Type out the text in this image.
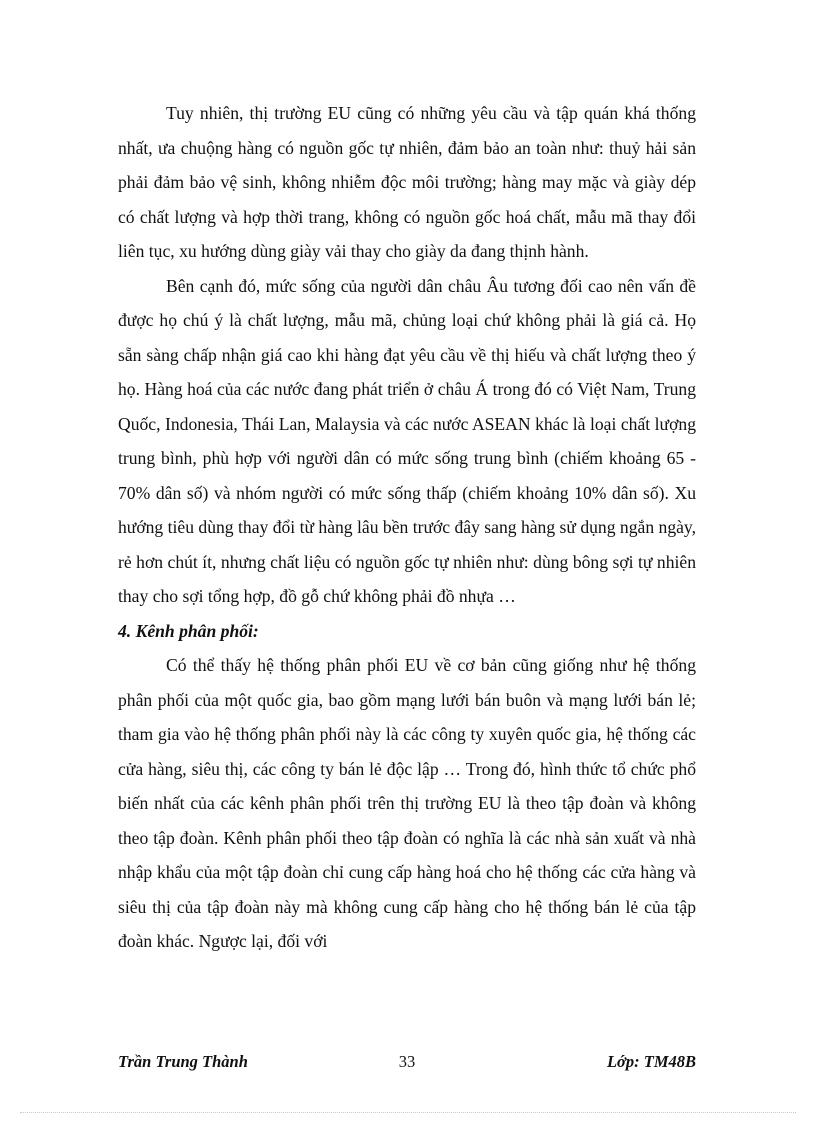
Tuy nhiên, thị trường EU cũng có những yêu cầu và tập quán khá thống nhất, ưa chuộng hàng có nguồn gốc tự nhiên, đảm bảo an toàn như: thuỷ hải sản phải đảm bảo vệ sinh, không nhiễm độc môi trường; hàng may mặc và giày dép có chất lượng và hợp thời trang, không có nguồn gốc hoá chất, mẫu mã thay đổi liên tục, xu hướng dùng giày vải thay cho giày da đang thịnh hành.

Bên cạnh đó, mức sống của người dân châu Âu tương đối cao nên vấn đề được họ chú ý là chất lượng, mẫu mã, chủng loại chứ không phải là giá cả. Họ sẵn sàng chấp nhận giá cao khi hàng đạt yêu cầu về thị hiếu và chất lượng theo ý họ. Hàng hoá của các nước đang phát triển ở châu Á trong đó có Việt Nam, Trung Quốc, Indonesia, Thái Lan, Malaysia và các nước ASEAN khác là loại chất lượng trung bình, phù hợp với người dân có mức sống trung bình (chiếm khoảng 65 - 70% dân số) và nhóm người có mức sống thấp (chiếm khoảng 10% dân số). Xu hướng tiêu dùng thay đổi từ hàng lâu bền trước đây sang hàng sử dụng ngắn ngày, rẻ hơn chút ít, nhưng chất liệu có nguồn gốc tự nhiên như: dùng bông sợi tự nhiên thay cho sợi tổng hợp, đồ gỗ chứ không phải đồ nhựa …

4. Kênh phân phối:

Có thể thấy hệ thống phân phối EU về cơ bản cũng giống như hệ thống phân phối của một quốc gia, bao gồm mạng lưới bán buôn và mạng lưới bán lẻ; tham gia vào hệ thống phân phối này là các công ty xuyên quốc gia, hệ thống các cửa hàng, siêu thị, các công ty bán lẻ độc lập … Trong đó, hình thức tổ chức phổ biến nhất của các kênh phân phối trên thị trường EU là theo tập đoàn và không theo tập đoàn. Kênh phân phối theo tập đoàn có nghĩa là các nhà sản xuất và nhà nhập khẩu của một tập đoàn chỉ cung cấp hàng hoá cho hệ thống các cửa hàng và siêu thị của tập đoàn này mà không cung cấp hàng cho hệ thống bán lẻ của tập đoàn khác. Ngược lại, đối với

Trần Trung Thành	33	Lớp: TM48B
